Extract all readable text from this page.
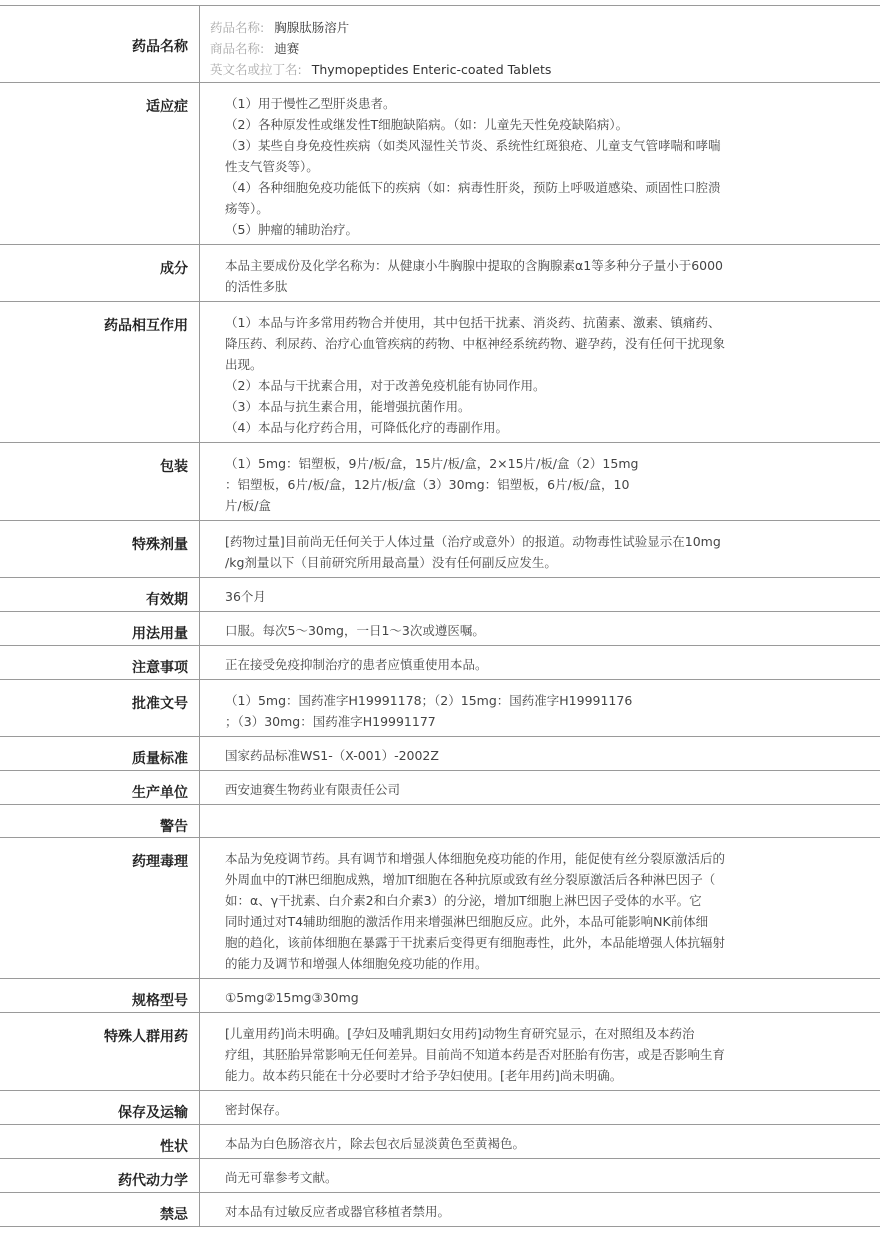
药品名称
药品名称: 胸腺肽肠溶片
商品名称: 迪赛
英文名或拉丁名: Thymopeptides Enteric-coated Tablets
适应症	（1）用于慢性乙型肝炎患者。
（2）各种原发性或继发性T细胞缺陷病。（如：儿童先天性免疫缺陷病）。
（3）某些自身免疫性疾病（如类风湿性关节炎、系统性红斑狼疮、儿童支气管哮喘和哮喘
性支气管炎等）。
（4）各种细胞免疫功能低下的疾病（如：病毒性肝炎，预防上呼吸道感染、顽固性口腔溃
疡等）。
（5）肿瘤的辅助治疗。
成分	本品主要成份及化学名称为：从健康小牛胸腺中提取的含胸腺素α1等多种分子量小于6000
的活性多肽
药品相互作用	（1）本品与许多常用药物合并使用，其中包括干扰素、消炎药、抗菌素、激素、镇痛药、
降压药、利尿药、治疗心血管疾病的药物、中枢神经系统药物、避孕药，没有任何干扰现象
出现。
（2）本品与干扰素合用，对于改善免疫机能有协同作用。
（3）本品与抗生素合用，能增强抗菌作用。
（4）本品与化疗药合用，可降低化疗的毒副作用。
包装	（1）5mg：铝塑板，9片/板/盒，15片/板/盒，2×15片/板/盒（2）15mg
：铝塑板，6片/板/盒，12片/板/盒（3）30mg：铝塑板，6片/板/盒，10
片/板/盒
特殊剂量	[药物过量]目前尚无任何关于人体过量（治疗或意外）的报道。动物毒性试验显示在10mg
/kg剂量以下（目前研究所用最高量）没有任何副反应发生。
有效期	36个月
用法用量	口服。每次5～30mg，一日1～3次或遵医嘱。
注意事项	正在接受免疫抑制治疗的患者应慎重使用本品。
批准文号	（1）5mg：国药准字H19991178；（2）15mg：国药准字H19991176
；（3）30mg：国药准字H19991177
质量标准	国家药品标准WS1-（X-001）-2002Z
生产单位	西安迪赛生物药业有限责任公司
警告
药理毒理	本品为免疫调节药。具有调节和增强人体细胞免疫功能的作用，能促使有丝分裂原激活后的
外周血中的T淋巴细胞成熟，增加T细胞在各种抗原或致有丝分裂原激活后各种淋巴因子（
如：α、γ干扰素、白介素2和白介素3）的分泌，增加T细胞上淋巴因子受体的水平。它
同时通过对T4辅助细胞的激活作用来增强淋巴细胞反应。此外，本品可能影响NK前体细
胞的趋化，该前体细胞在暴露于干扰素后变得更有细胞毒性，此外，本品能增强人体抗辐射
的能力及调节和增强人体细胞免疫功能的作用。
规格型号	①5mg②15mg③30mg
特殊人群用药	[儿童用药]尚未明确。[孕妇及哺乳期妇女用药]动物生育研究显示，在对照组及本药治
疗组，其胚胎异常影响无任何差异。目前尚不知道本药是否对胚胎有伤害，或是否影响生育
能力。故本药只能在十分必要时才给予孕妇使用。[老年用药]尚未明确。
保存及运输	密封保存。
性状	本品为白色肠溶衣片，除去包衣后显淡黄色至黄褐色。
药代动力学	尚无可靠参考文献。
禁忌	对本品有过敏反应者或器官移植者禁用。
